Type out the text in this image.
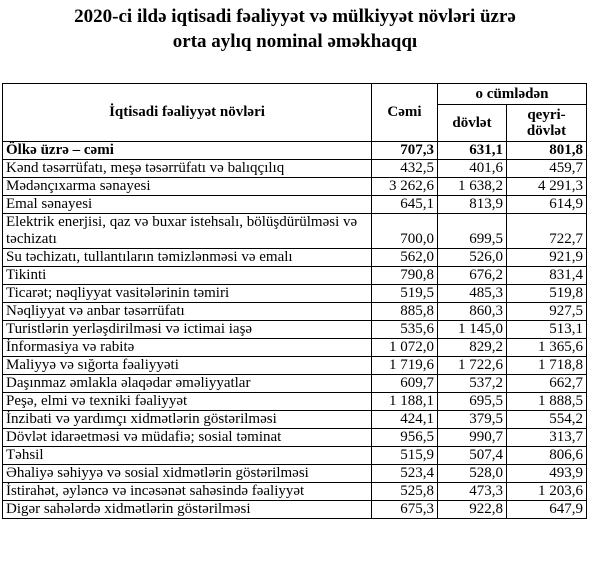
2020-ci ildə iqtisadi fəaliyyət və mülkiyyət növləri üzrə
orta aylıq nominal əməkhaqqı
İqtisadi fəaliyyət növləri	Cəmi	o cümlədən	
		dövlət	qeyri-
dövlət

Ölkə üzrə – cəmi	707,3	631,1	801,8
Kənd təsərrüfatı, meşə təsərrüfatı və balıqçılıq	432,5	401,6	459,7
Mədənçıxarma sənayesi	3 262,6	1 638,2	4 291,3
Emal sənayesi	645,1	813,9	614,9
Elektrik enerjisi, qaz və buxar istehsalı, bölüşdürülməsi və təchizatı	700,0	699,5	722,7
Su təchizatı, tullantıların təmizlənməsi və emalı	562,0	526,0	921,9
Tikinti	790,8	676,2	831,4
Ticarət; nəqliyyat vasitələrinin təmiri	519,5	485,3	519,8
Nəqliyyat və anbar təsərrüfatı	885,8	860,3	927,5
Turistlərin yerləşdirilməsi və ictimai iaşə	535,6	1 145,0	513,1
İnformasiya və rabitə	1 072,0	829,2	1 365,6
Maliyyə və sığorta fəaliyyəti	1 719,6	1 722,6	1 718,8
Daşınmaz əmlakla əlaqədar əməliyyatlar	609,7	537,2	662,7
Peşə, elmi və texniki fəaliyyət	1 188,1	695,5	1 888,5
İnzibati və yardımçı xidmətlərin göstərilməsi	424,1	379,5	554,2
Dövlət idarəetməsi və müdafiə; sosial təminat	956,5	990,7	313,7
Təhsil	515,9	507,4	806,6
Əhaliyə səhiyyə və sosial xidmətlərin göstərilməsi	523,4	528,0	493,9
İstirahət, əyləncə və incəsənət sahəsində fəaliyyət	525,8	473,3	1 203,6
Digər sahələrdə xidmətlərin göstərilməsi	675,3	922,8	647,9
